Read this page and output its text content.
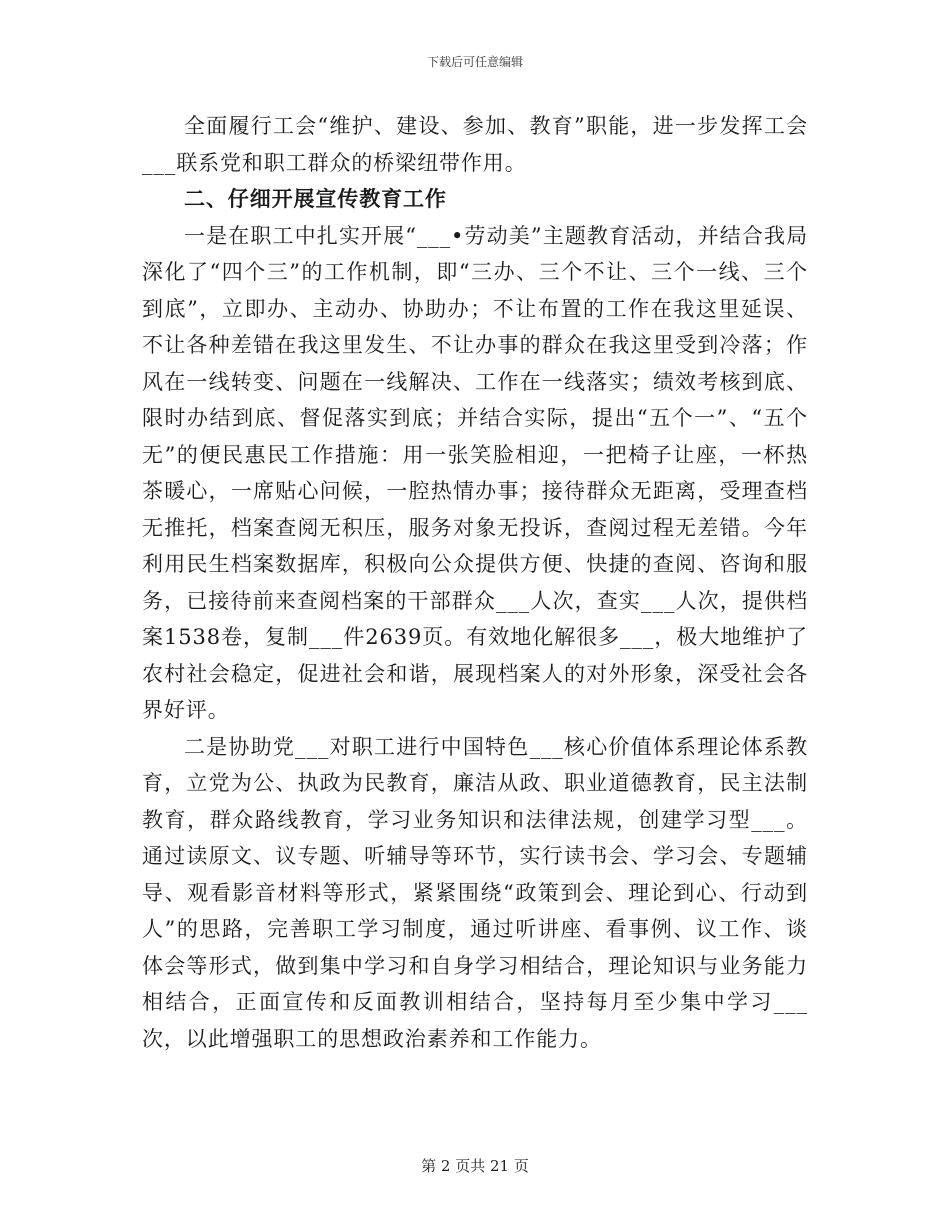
下载后可任意编辑

全面履行工会“维护、建设、参加、教育”职能，进一步发挥工会___联系党和职工群众的桥梁纽带作用。

二、仔细开展宣传教育工作

一是在职工中扎实开展“___•劳动美”主题教育活动，并结合我局深化了“四个三”的工作机制，即“三办、三个不让、三个一线、三个到底”，立即办、主动办、协助办；不让布置的工作在我这里延误、不让各种差错在我这里发生、不让办事的群众在我这里受到冷落；作风在一线转变、问题在一线解决、工作在一线落实；绩效考核到底、限时办结到底、督促落实到底；并结合实际，提出“五个一”、“五个无”的便民惠民工作措施：用一张笑脸相迎，一把椅子让座，一杯热茶暖心，一席贴心问候，一腔热情办事；接待群众无距离，受理查档无推托，档案查阅无积压，服务对象无投诉，查阅过程无差错。今年利用民生档案数据库，积极向公众提供方便、快捷的查阅、咨询和服务，已接待前来查阅档案的干部群众___人次，查实___人次，提供档案1538卷，复制___件2639页。有效地化解很多___，极大地维护了农村社会稳定，促进社会和谐，展现档案人的对外形象，深受社会各界好评。

二是协助党___对职工进行中国特色___核心价值体系理论体系教育，立党为公、执政为民教育，廉洁从政、职业道德教育，民主法制教育，群众路线教育，学习业务知识和法律法规，创建学习型___。通过读原文、议专题、听辅导等环节，实行读书会、学习会、专题辅导、观看影音材料等形式，紧紧围绕“政策到会、理论到心、行动到人”的思路，完善职工学习制度，通过听讲座、看事例、议工作、谈体会等形式，做到集中学习和自身学习相结合，理论知识与业务能力相结合，正面宣传和反面教训相结合，坚持每月至少集中学习___次，以此增强职工的思想政治素养和工作能力。

第 2 页共 21 页
